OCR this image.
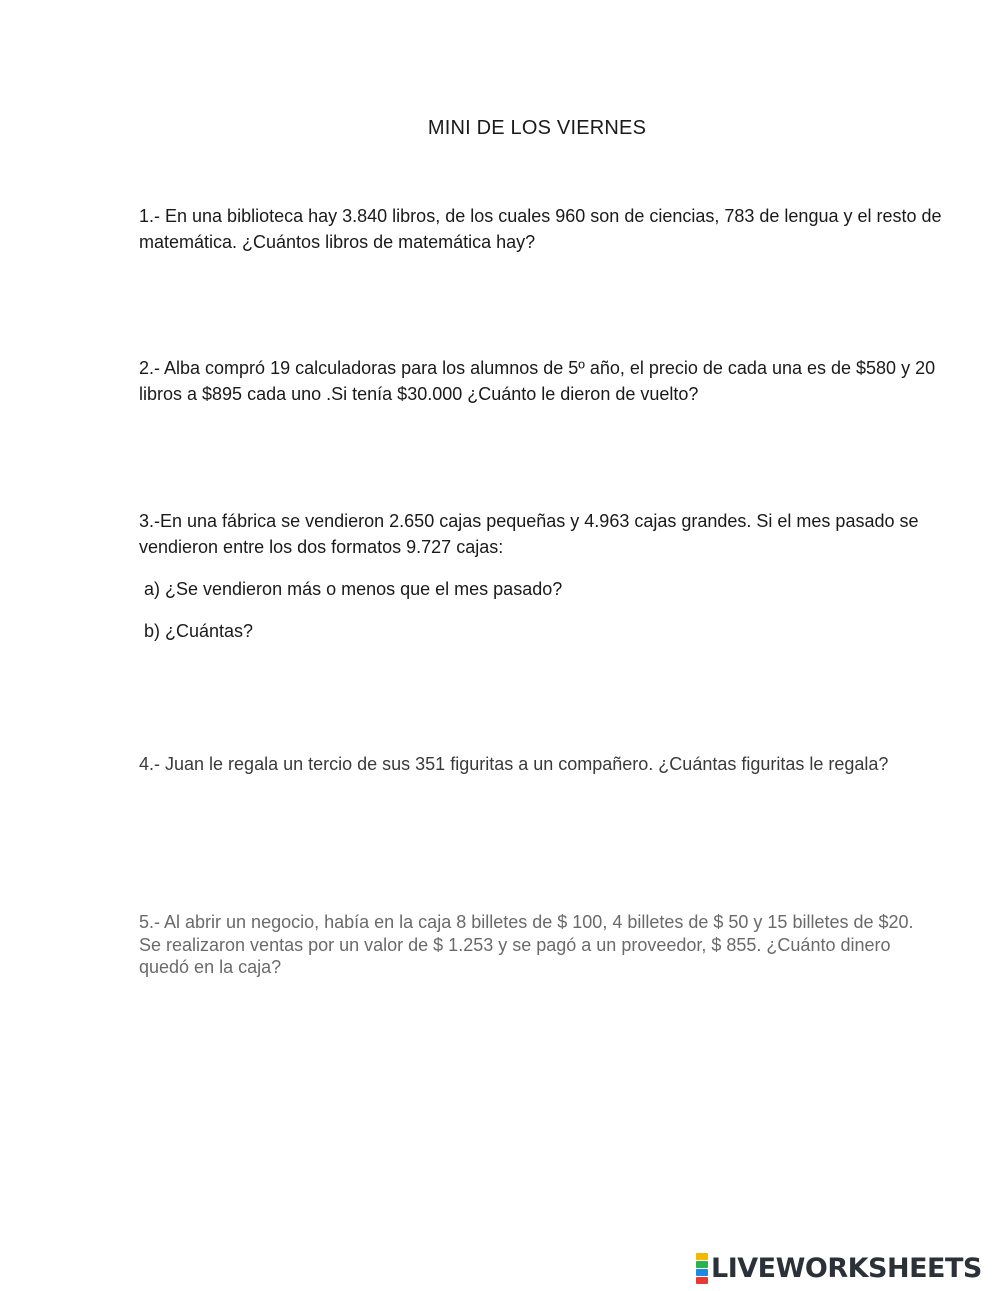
MINI DE LOS VIERNES

1.- En una biblioteca hay 3.840 libros, de los cuales 960 son de ciencias, 783 de lengua y el resto de matemática. ¿Cuántos libros de matemática hay?

2.- Alba compró 19 calculadoras para los alumnos de 5º año, el precio de cada una es de $580 y 20 libros a $895 cada uno .Si tenía $30.000 ¿Cuánto le dieron de vuelto?

3.-En una fábrica se vendieron 2.650 cajas pequeñas y 4.963 cajas grandes. Si el mes pasado se vendieron entre los dos formatos 9.727 cajas:

a) ¿Se vendieron más o menos que el mes pasado?
b) ¿Cuántas?

4.- Juan le regala un tercio de sus 351 figuritas a un compañero. ¿Cuántas figuritas le regala?

5.- Al abrir un negocio, había en la caja 8 billetes de $ 100, 4 billetes de $ 50 y 15 billetes de $20. Se realizaron ventas por un valor de $ 1.253 y se pagó a un proveedor, $ 855. ¿Cuánto dinero quedó en la caja?

LIVEWORKSHEETS
